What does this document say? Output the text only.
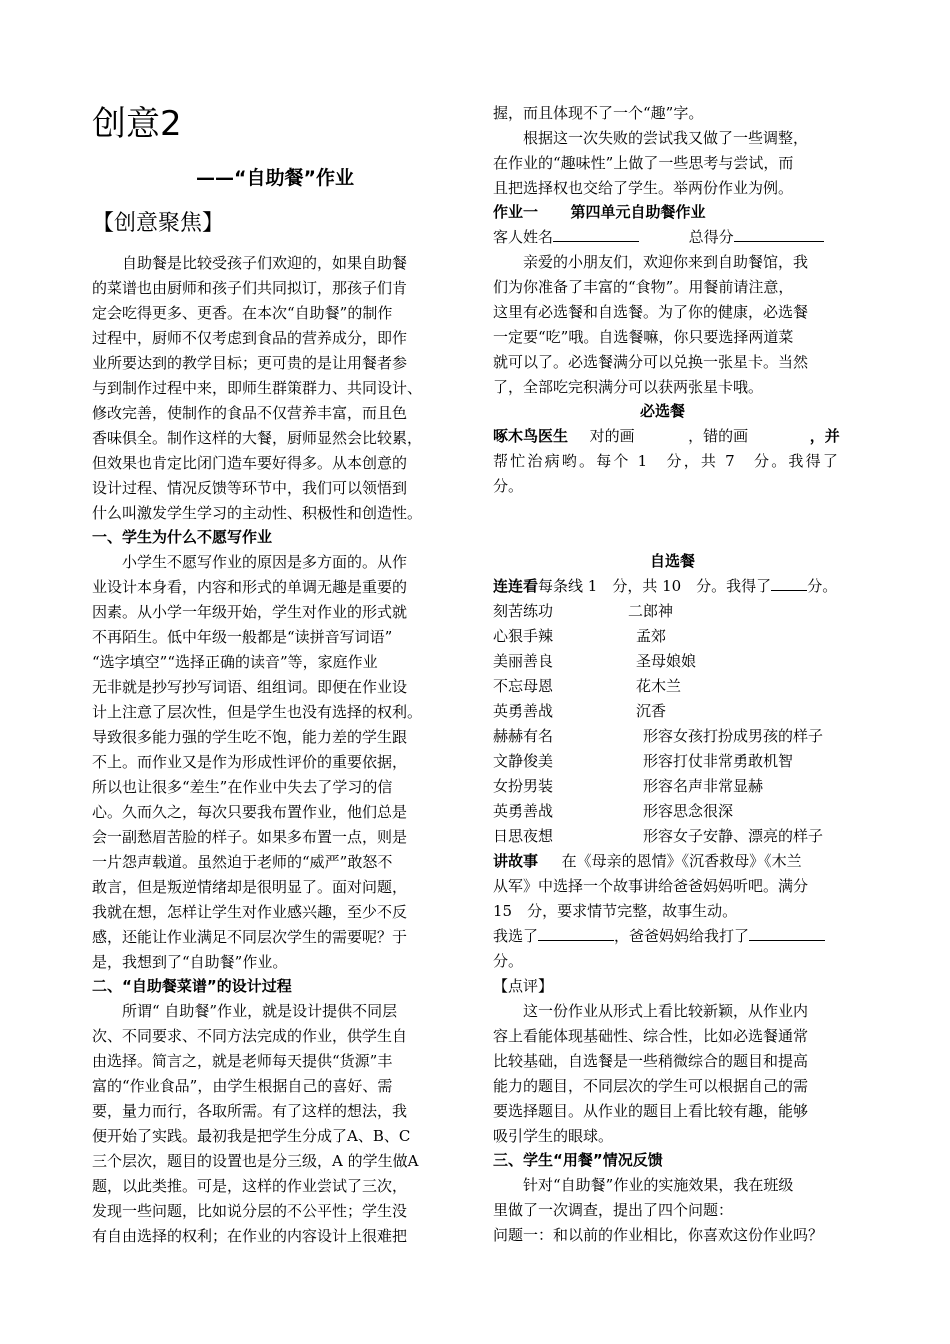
创意2
——“自助餐”作业
【创意聚焦】
　　自助餐是比较受孩子们欢迎的，如果自助餐
的菜谱也由厨师和孩子们共同拟订，那孩子们肯
定会吃得更多、更香。在本次“自助餐”的制作
过程中，厨师不仅考虑到食品的营养成分，即作
业所要达到的教学目标；更可贵的是让用餐者参
与到制作过程中来，即师生群策群力、共同设计、
修改完善，使制作的食品不仅营养丰富，而且色
香味俱全。制作这样的大餐，厨师显然会比较累，
但效果也肯定比闭门造车要好得多。从本创意的
设计过程、情况反馈等环节中，我们可以领悟到
什么叫激发学生学习的主动性、积极性和创造性。
一、学生为什么不愿写作业
　　小学生不愿写作业的原因是多方面的。从作
业设计本身看，内容和形式的单调无趣是重要的
因素。从小学一年级开始，学生对作业的形式就
不再陌生。低中年级一般都是“读拼音写词语”
“选字填空”“选择正确的读音”等，家庭作业
无非就是抄写抄写词语、组组词。即便在作业设
计上注意了层次性，但是学生也没有选择的权利。
导致很多能力强的学生吃不饱，能力差的学生跟
不上。而作业又是作为形成性评价的重要依据，
所以也让很多“差生”在作业中失去了学习的信
心。久而久之，每次只要我布置作业，他们总是
会一副愁眉苦脸的样子。如果多布置一点，则是
一片怨声载道。虽然迫于老师的“威严”敢怒不
敢言，但是叛逆情绪却是很明显了。面对问题，
我就在想，怎样让学生对作业感兴趣，至少不反
感，还能让作业满足不同层次学生的需要呢？于
是，我想到了“自助餐”作业。
二、“自助餐菜谱”的设计过程
　　所谓“ 自助餐”作业，就是设计提供不同层
次、不同要求、不同方法完成的作业，供学生自
由选择。简言之，就是老师每天提供“货源”丰
富的“作业食品”，由学生根据自己的喜好、需
要，量力而行，各取所需。有了这样的想法，我
便开始了实践。最初我是把学生分成了A、B、C
三个层次，题目的设置也是分三级，A 的学生做A
题，以此类推。可是，这样的作业尝试了三次，
发现一些问题，比如说分层的不公平性；学生没
有自由选择的权利；在作业的内容设计上很难把
握，而且体现不了一个“趣”字。
　　根据这一次失败的尝试我又做了一些调整，
在作业的“趣味性”上做了一些思考与尝试，而
且把选择权也交给了学生。举两份作业为例。
作业一 第四单元自助餐作业
客人姓名	总得分
　　亲爱的小朋友们，欢迎你来到自助餐馆，我
们为你准备了丰富的“食物”。用餐前请注意，
这里有必选餐和自选餐。为了你的健康，必选餐
一定要“吃”哦。自选餐嘛，你只要选择两道菜
就可以了。必选餐满分可以兑换一张星卡。当然
了，全部吃完积满分可以获两张星卡哦。
必选餐
啄木鸟医生 对的画	，错的画	，并
帮忙治病哟。每个 1　分，共 7　分。我得了
分。
自选餐
连连看每条线 1　分，共 10　分。我得了 分。
刻苦练功	二郎神
心狠手辣	孟郊
美丽善良	圣母娘娘
不忘母恩	花木兰
英勇善战	沉香
赫赫有名	形容女孩打扮成男孩的样子
文静俊美	形容打仗非常勇敢机智
女扮男装	形容名声非常显赫
英勇善战	形容思念很深
日思夜想	形容女子安静、漂亮的样子
讲故事 在《母亲的恩情》《沉香救母》《木兰
从军》中选择一个故事讲给爸爸妈妈听吧。满分
15　分，要求情节完整，故事生动。
我选了	，爸爸妈妈给我打了
分。
【点评】
　　这一份作业从形式上看比较新颖，从作业内
容上看能体现基础性、综合性，比如必选餐通常
比较基础，自选餐是一些稍微综合的题目和提高
能力的题目，不同层次的学生可以根据自己的需
要选择题目。从作业的题目上看比较有趣，能够
吸引学生的眼球。
三、学生“用餐”情况反馈
　　针对“自助餐”作业的实施效果，我在班级
里做了一次调查，提出了四个问题：
问题一：和以前的作业相比，你喜欢这份作业吗？
